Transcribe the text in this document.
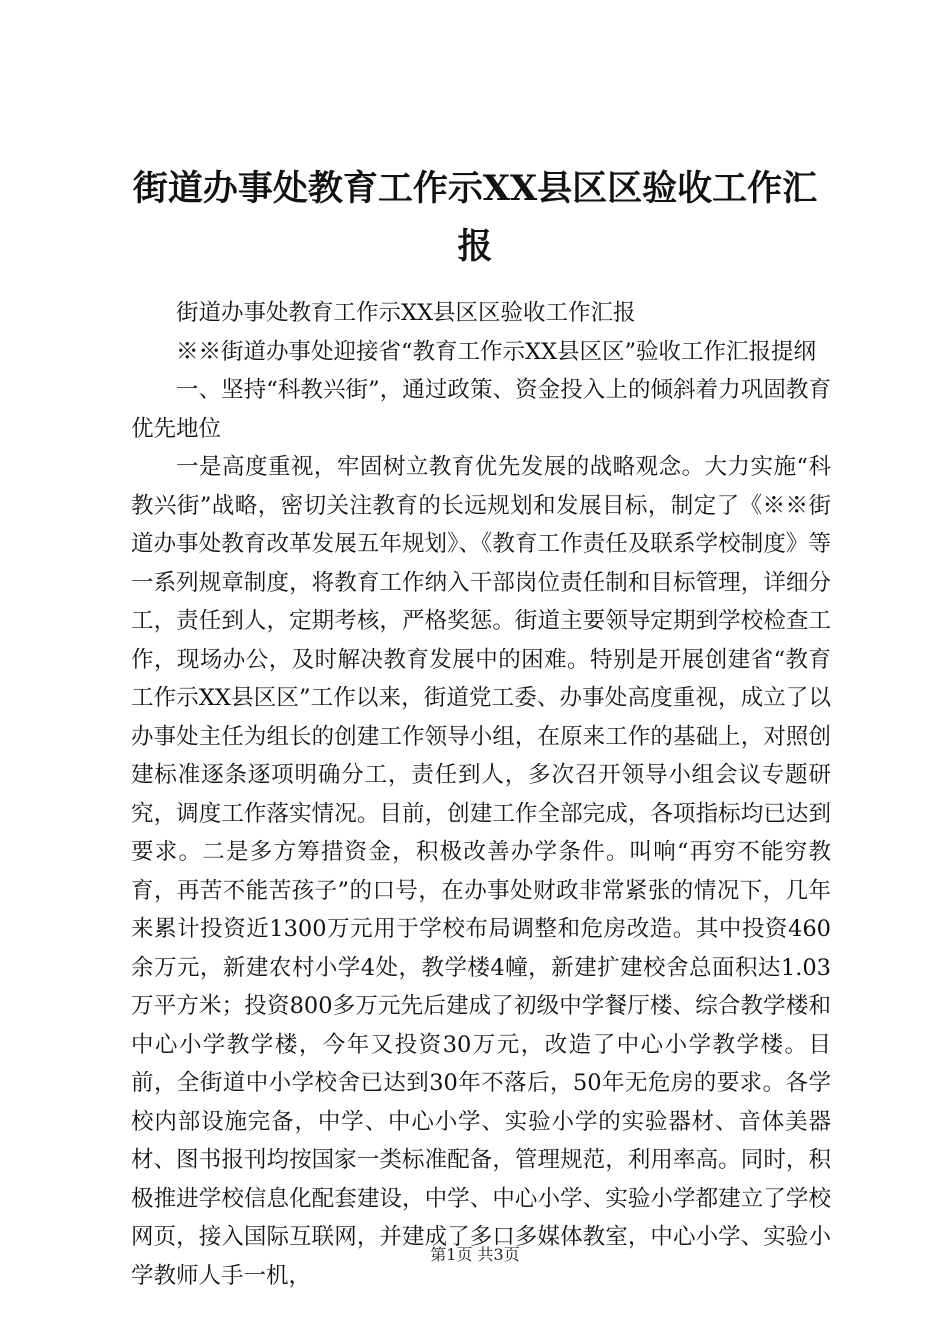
街道办事处教育工作示XX县区区验收工作汇报

街道办事处教育工作示XX县区区验收工作汇报

※※街道办事处迎接省“教育工作示XX县区区”验收工作汇报提纲

一、坚持“科教兴街”，通过政策、资金投入上的倾斜着力巩固教育优先地位

一是高度重视，牢固树立教育优先发展的战略观念。大力实施“科教兴街”战略，密切关注教育的长远规划和发展目标，制定了《※※街道办事处教育改革发展五年规划》、《教育工作责任及联系学校制度》等一系列规章制度，将教育工作纳入干部岗位责任制和目标管理，详细分工，责任到人，定期考核，严格奖惩。街道主要领导定期到学校检查工作，现场办公，及时解决教育发展中的困难。特别是开展创建省“教育工作示XX县区区”工作以来，街道党工委、办事处高度重视，成立了以办事处主任为组长的创建工作领导小组，在原来工作的基础上，对照创建标准逐条逐项明确分工，责任到人，多次召开领导小组会议专题研究，调度工作落实情况。目前，创建工作全部完成，各项指标均已达到要求。二是多方筹措资金，积极改善办学条件。叫响“再穷不能穷教育，再苦不能苦孩子”的口号，在办事处财政非常紧张的情况下，几年来累计投资近1300万元用于学校布局调整和危房改造。其中投资460余万元，新建农村小学4处，教学楼4幢，新建扩建校舍总面积达1.03万平方米；投资800多万元先后建成了初级中学餐厅楼、综合教学楼和中心小学教学楼，今年又投资30万元，改造了中心小学教学楼。目前，全街道中小学校舍已达到30年不落后，50年无危房的要求。各学校内部设施完备，中学、中心小学、实验小学的实验器材、音体美器材、图书报刊均按国家一类标准配备，管理规范，利用率高。同时，积极推进学校信息化配套建设，中学、中心小学、实验小学都建立了学校网页，接入国际互联网，并建成了多口多媒体教室，中心小学、实验小学教师人手一机，

第1页 共3页
